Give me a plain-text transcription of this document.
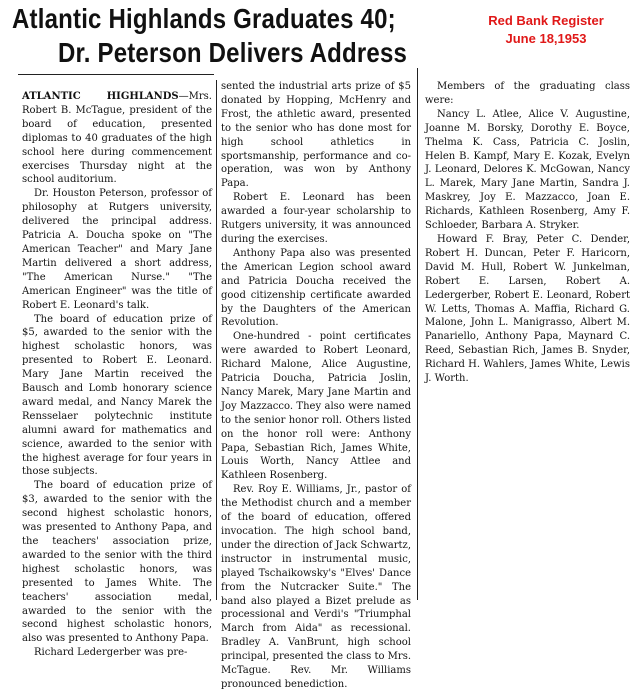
Atlantic Highlands Graduates 40;
Dr. Peterson Delivers Address
Red Bank Register
June 18,1953

ATLANTIC HIGHLANDS—Mrs. Robert B. McTague, president of the board of education, presented diplomas to 40 graduates of the high school here during commencement exercises Thursday night at the school auditorium.

Dr. Houston Peterson, professor of philosophy at Rutgers university, delivered the principal address. Patricia A. Doucha spoke on "The American Teacher" and Mary Jane Martin delivered a short address, "The American Nurse." "The American Engineer" was the title of Robert E. Leonard's talk.

The board of education prize of $5, awarded to the senior with the highest scholastic honors, was presented to Robert E. Leonard. Mary Jane Martin received the Bausch and Lomb honorary science award medal, and Nancy Marek the Rensselaer polytechnic institute alumni award for mathematics and science, awarded to the senior with the highest average for four years in those subjects.

The board of education prize of $3, awarded to the senior with the second highest scholastic honors, was presented to Anthony Papa, and the teachers' association prize, awarded to the senior with the third highest scholastic honors, was presented to James White. The teachers' association medal, awarded to the senior with the second highest scholastic honors, also was presented to Anthony Papa.

Richard Ledergerber was pre-

sented the industrial arts prize of $5 donated by Hopping, McHenry and Frost, the athletic award, presented to the senior who has done most for high school athletics in sportsmanship, performance and co-operation, was won by Anthony Papa.

Robert E. Leonard has been awarded a four-year scholarship to Rutgers university, it was announced during the exercises.

Anthony Papa also was presented the American Legion school award and Patricia Doucha received the good citizenship certificate awarded by the Daughters of the American Revolution.

One-hundred - point certificates were awarded to Robert Leonard, Richard Malone, Alice Augustine, Patricia Doucha, Patricia Joslin, Nancy Marek, Mary Jane Martin and Joy Mazzacco. They also were named to the senior honor roll. Others listed on the honor roll were: Anthony Papa, Sebastian Rich, James White, Louis Worth, Nancy Attlee and Kathleen Rosenberg.

Rev. Roy E. Williams, Jr., pastor of the Methodist church and a member of the board of education, offered invocation. The high school band, under the direction of Jack Schwartz, instructor in instrumental music, played Tschaikowsky's "Elves' Dance from the Nutcracker Suite." The band also played a Bizet prelude as processional and Verdi's "Triumphal March from Aida" as recessional. Bradley A. VanBrunt, high school principal, presented the class to Mrs. McTague. Rev. Mr. Williams pronounced benediction.

Members of the graduating class were:

Nancy L. Atlee, Alice V. Augustine, Joanne M. Borsky, Dorothy E. Boyce, Thelma K. Cass, Patricia C. Joslin, Helen B. Kampf, Mary E. Kozak, Evelyn J. Leonard, Delores K. McGowan, Nancy L. Marek, Mary Jane Martin, Sandra J. Maskrey, Joy E. Mazzacco, Joan E. Richards, Kathleen Rosenberg, Amy F. Schloeder, Barbara A. Stryker.

Howard F. Bray, Peter C. Dender, Robert H. Duncan, Peter F. Haricorn, David M. Hull, Robert W. Junkelman, Robert E. Larsen, Robert A. Ledergerber, Robert E. Leonard, Robert W. Letts, Thomas A. Maffia, Richard G. Malone, John L. Manigrasso, Albert M. Panariello, Anthony Papa, Maynard C. Reed, Sebastian Rich, James B. Snyder, Richard H. Wahlers, James White, Lewis J. Worth.
